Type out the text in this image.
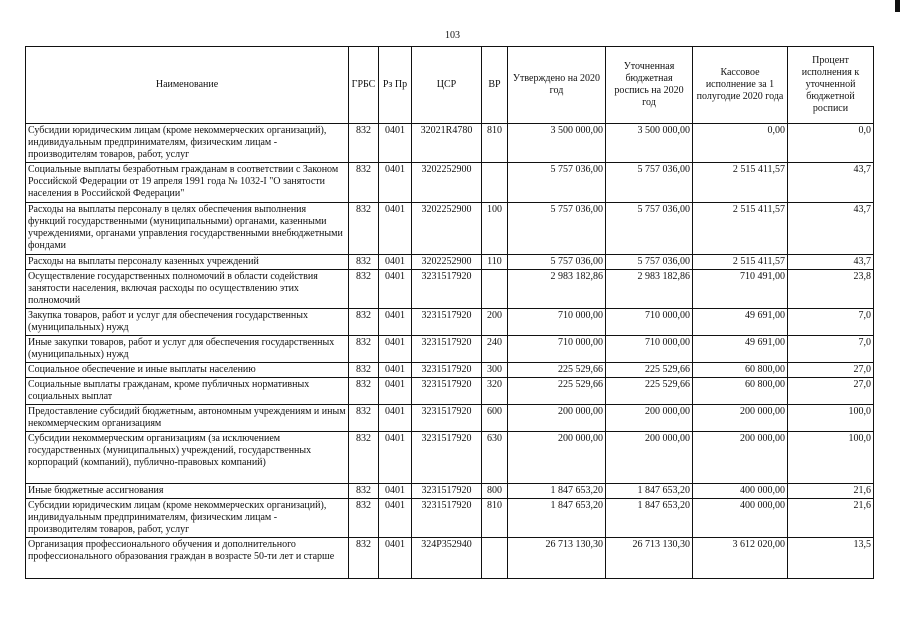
103
Наименование	ГРБС	Рз Пр	ЦСР	ВР	Утверждено на 2020 год	Уточненная бюджетная роспись на 2020 год	Кассовое исполнение за 1 полугодие 2020 года	Процент исполнения к уточненной бюджетной росписи
Субсидии юридическим лицам (кроме некоммерческих организаций), индивидуальным предпринимателям, физическим лицам - производителям товаров, работ, услуг	832	0401	32021R4780	810	3 500 000,00	3 500 000,00	0,00	0,0
Социальные выплаты безработным гражданам в соответствии с Законом Российской Федерации от 19 апреля 1991 года № 1032-I "О занятости населения в Российской Федерации"	832	0401	3202252900		5 757 036,00	5 757 036,00	2 515 411,57	43,7
Расходы на выплаты персоналу в целях обеспечения выполнения функций государственными (муниципальными) органами, казенными учреждениями, органами управления государственными внебюджетными фондами	832	0401	3202252900	100	5 757 036,00	5 757 036,00	2 515 411,57	43,7
Расходы на выплаты персоналу казенных учреждений	832	0401	3202252900	110	5 757 036,00	5 757 036,00	2 515 411,57	43,7
Осуществление государственных полномочий в области содействия занятости населения, включая расходы по осуществлению этих полномочий	832	0401	3231517920		2 983 182,86	2 983 182,86	710 491,00	23,8
Закупка товаров, работ и услуг для обеспечения государственных (муниципальных) нужд	832	0401	3231517920	200	710 000,00	710 000,00	49 691,00	7,0
Иные закупки товаров, работ и услуг для обеспечения государственных (муниципальных) нужд	832	0401	3231517920	240	710 000,00	710 000,00	49 691,00	7,0
Социальное обеспечение и иные выплаты населению	832	0401	3231517920	300	225 529,66	225 529,66	60 800,00	27,0
Социальные выплаты гражданам, кроме публичных нормативных социальных выплат	832	0401	3231517920	320	225 529,66	225 529,66	60 800,00	27,0
Предоставление субсидий бюджетным, автономным учреждениям и иным некоммерческим организациям	832	0401	3231517920	600	200 000,00	200 000,00	200 000,00	100,0
Субсидии некоммерческим организациям (за исключением государственных (муниципальных) учреждений, государственных корпораций (компаний), публично-правовых компаний)	832	0401	3231517920	630	200 000,00	200 000,00	200 000,00	100,0
Иные бюджетные ассигнования	832	0401	3231517920	800	1 847 653,20	1 847 653,20	400 000,00	21,6
Субсидии юридическим лицам (кроме некоммерческих организаций), индивидуальным предпринимателям, физическим лицам - производителям товаров, работ, услуг	832	0401	3231517920	810	1 847 653,20	1 847 653,20	400 000,00	21,6
Организация профессионального обучения и дополнительного профессионального образования граждан в возрасте 50-ти лет и старше	832	0401	324P352940		26 713 130,30	26 713 130,30	3 612 020,00	13,5
